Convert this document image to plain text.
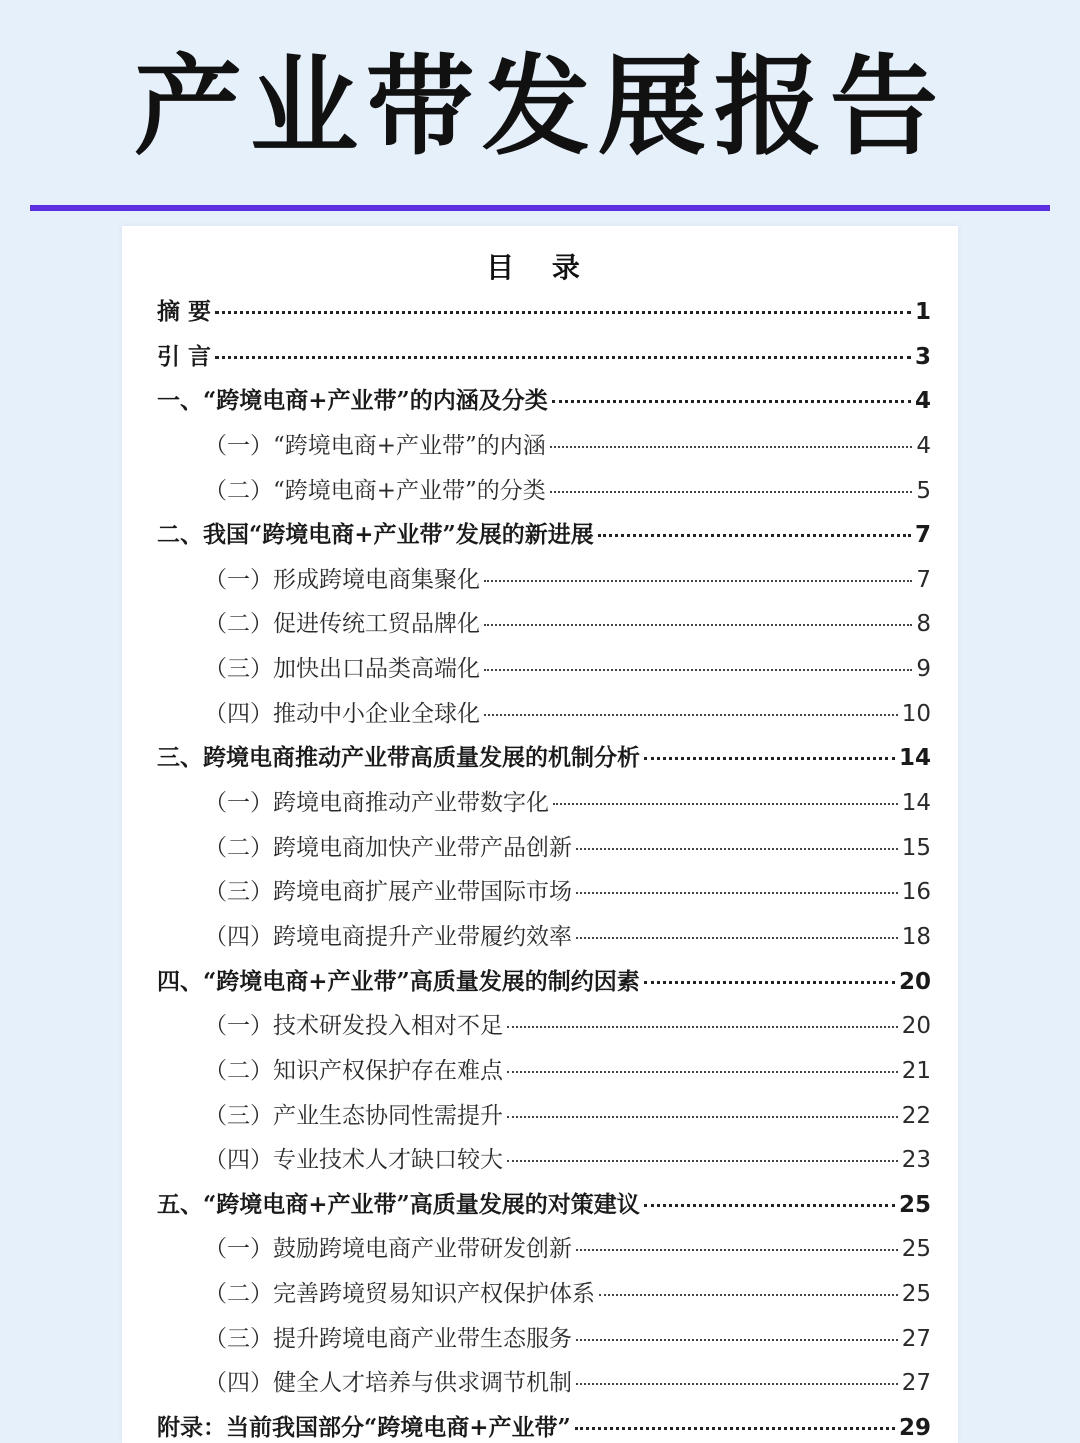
产业带发展报告
目 录
摘 要	1
引 言	3
一、“跨境电商+产业带”的内涵及分类	4
（一）“跨境电商+产业带”的内涵	4
（二）“跨境电商+产业带”的分类	5
二、我国“跨境电商+产业带”发展的新进展	7
（一）形成跨境电商集聚化	7
（二）促进传统工贸品牌化	8
（三）加快出口品类高端化	9
（四）推动中小企业全球化	10
三、跨境电商推动产业带高质量发展的机制分析	14
（一）跨境电商推动产业带数字化	14
（二）跨境电商加快产业带产品创新	15
（三）跨境电商扩展产业带国际市场	16
（四）跨境电商提升产业带履约效率	18
四、“跨境电商+产业带”高质量发展的制约因素	20
（一）技术研发投入相对不足	20
（二）知识产权保护存在难点	21
（三）产业生态协同性需提升	22
（四）专业技术人才缺口较大	23
五、“跨境电商+产业带”高质量发展的对策建议	25
（一）鼓励跨境电商产业带研发创新	25
（二）完善跨境贸易知识产权保护体系	25
（三）提升跨境电商产业带生态服务	27
（四）健全人才培养与供求调节机制	27
附录：当前我国部分“跨境电商+产业带”	29
